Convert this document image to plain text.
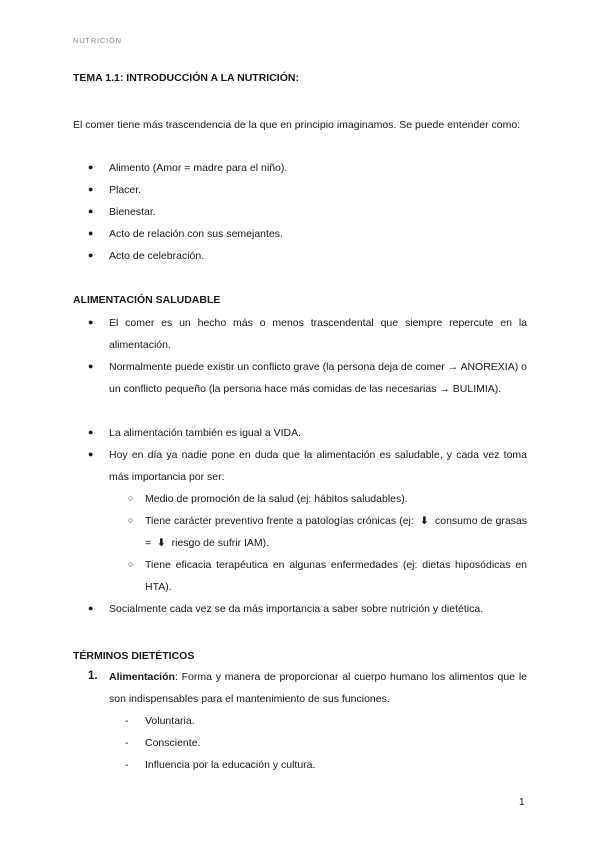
NUTRICIÓN
TEMA 1.1: INTRODUCCIÓN A LA NUTRICIÓN:
El comer tiene más trascendencia de la que en principio imaginamos. Se puede entender como:
● Alimento (Amor = madre para el niño).
● Placer.
● Bienestar.
● Acto de relación con sus semejantes.
● Acto de celebración.
ALIMENTACIÓN SALUDABLE
● El comer es un hecho más o menos trascendental que siempre repercute en la alimentación.
● Normalmente puede existir un conflicto grave (la persona deja de comer → ANOREXIA) o un conflicto pequeño (la persona hace más comidas de las necesarias → BULIMIA).
● La alimentación también es igual a VIDA.
● Hoy en día ya nadie pone en duda que la alimentación es saludable, y cada vez toma más importancia por ser:
○ Medio de promoción de la salud (ej: hábitos saludables).
○ Tiene carácter preventivo frente a patologías crónicas (ej:  ⬇  consumo de grasas =  ⬇  riesgo de sufrir IAM).
○ Tiene eficacia terapéutica en algunas enfermedades (ej: dietas hiposódicas en HTA).
● Socialmente cada vez se da más importancia a saber sobre nutrición y dietética.
TÉRMINOS DIETÉTICOS
1. Alimentación: Forma y manera de proporcionar al cuerpo humano los alimentos que le son indispensables para el mantenimiento de sus funciones.
- Voluntaria.
- Consciente.
- Influencia por la educación y cultura.
1
